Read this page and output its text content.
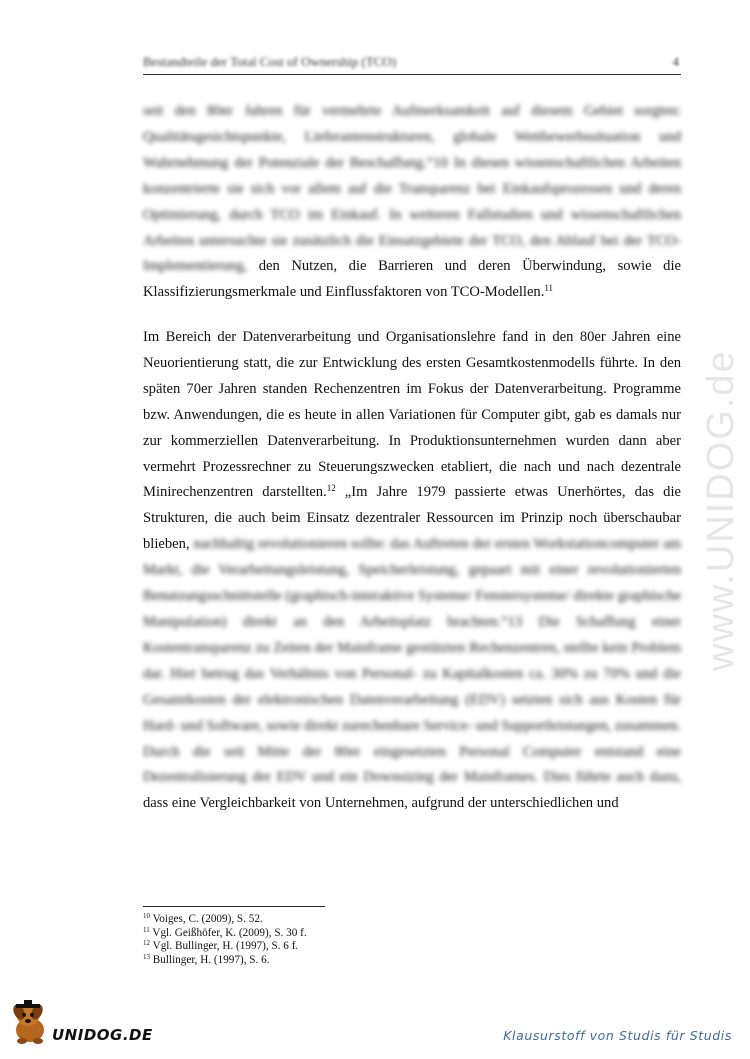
Bestandteile der Total Cost of Ownership (TCO)	4

seit den 80er Jahren für vermehrte Aufmerksamkeit auf diesem Gebiet sorgten: Qualitätsgesichtspunkte, Lieferantenstrukturen, globale Wettbewerbssituation und Wahrnehmung der Potenziale der Beschaffung.“10 In diesen wissenschaftlichen Arbeiten konzentrierte sie sich vor allem auf die Transparenz bei Einkaufsprozessen und deren Optimierung, durch TCO im Einkauf. In weiteren Fallstudien und wissenschaftlichen Arbeiten untersuchte sie zusätzlich die Einsatzgebiete der TCO, den Ablauf bei der TCO-Implementierung, den Nutzen, die Barrieren und deren Überwindung, sowie die Klassifizierungsmerkmale und Einflussfaktoren von TCO-Modellen.$^{11}$

Im Bereich der Datenverarbeitung und Organisationslehre fand in den 80er Jahren eine Neuorientierung statt, die zur Entwicklung des ersten Gesamtkostenmodells führte. In den späten 70er Jahren standen Rechenzentren im Fokus der Datenverarbeitung. Programme bzw. Anwendungen, die es heute in allen Variationen für Computer gibt, gab es damals nur zur kommerziellen Datenverarbeitung. In Produktionsunternehmen wurden dann aber vermehrt Prozessrechner zu Steuerungszwecken etabliert, die nach und nach dezentrale Minirechenzentren darstellten.$^{12}$ „Im Jahre 1979 passierte etwas Unerhörtes, das die Strukturen, die auch beim Einsatz dezentraler Ressourcen im Prinzip noch überschaubar blieben, nachhaltig revolutionieren sollte: das Auftreten der ersten Workstationcomputer am Markt, die Verarbeitungsleistung, Speicherleistung, gepaart mit einer revolutionierten Benutzungsschnittstelle (graphisch-interaktive Systeme/ Fenstersysteme/ direkte graphische Manipulation) direkt an den Arbeitsplatz brachten.“13 Die Schaffung einer Kostentransparenz zu Zeiten der Mainframe gestützten Rechenzentren, stellte kein Problem dar. Hier betrug das Verhältnis von Personal- zu Kapitalkosten ca. 30% zu 70% und die Gesamtkosten der elektronischen Datenverarbeitung (EDV) setzten sich aus Kosten für Hard- und Software, sowie direkt zurechenbare Service- und Supportleistungen, zusammen. Durch die seit Mitte der 80er eingesetzten Personal Computer entstand eine Dezentralisierung der EDV und ein Downsizing der Mainframes. Dies führte auch dazu, dass eine Vergleichbarkeit von Unternehmen, aufgrund der unterschiedlichen und

$^{10}$ Voiges, C. (2009), S. 52.
$^{11}$ Vgl. Geißhöfer, K. (2009), S. 30 f.
$^{12}$ Vgl. Bullinger, H. (1997), S. 6 f.
$^{13}$ Bullinger, H. (1997), S. 6.
www.UNIDOG.de
UNIDOG.DE	Klausurstoff von Studis für Studis
